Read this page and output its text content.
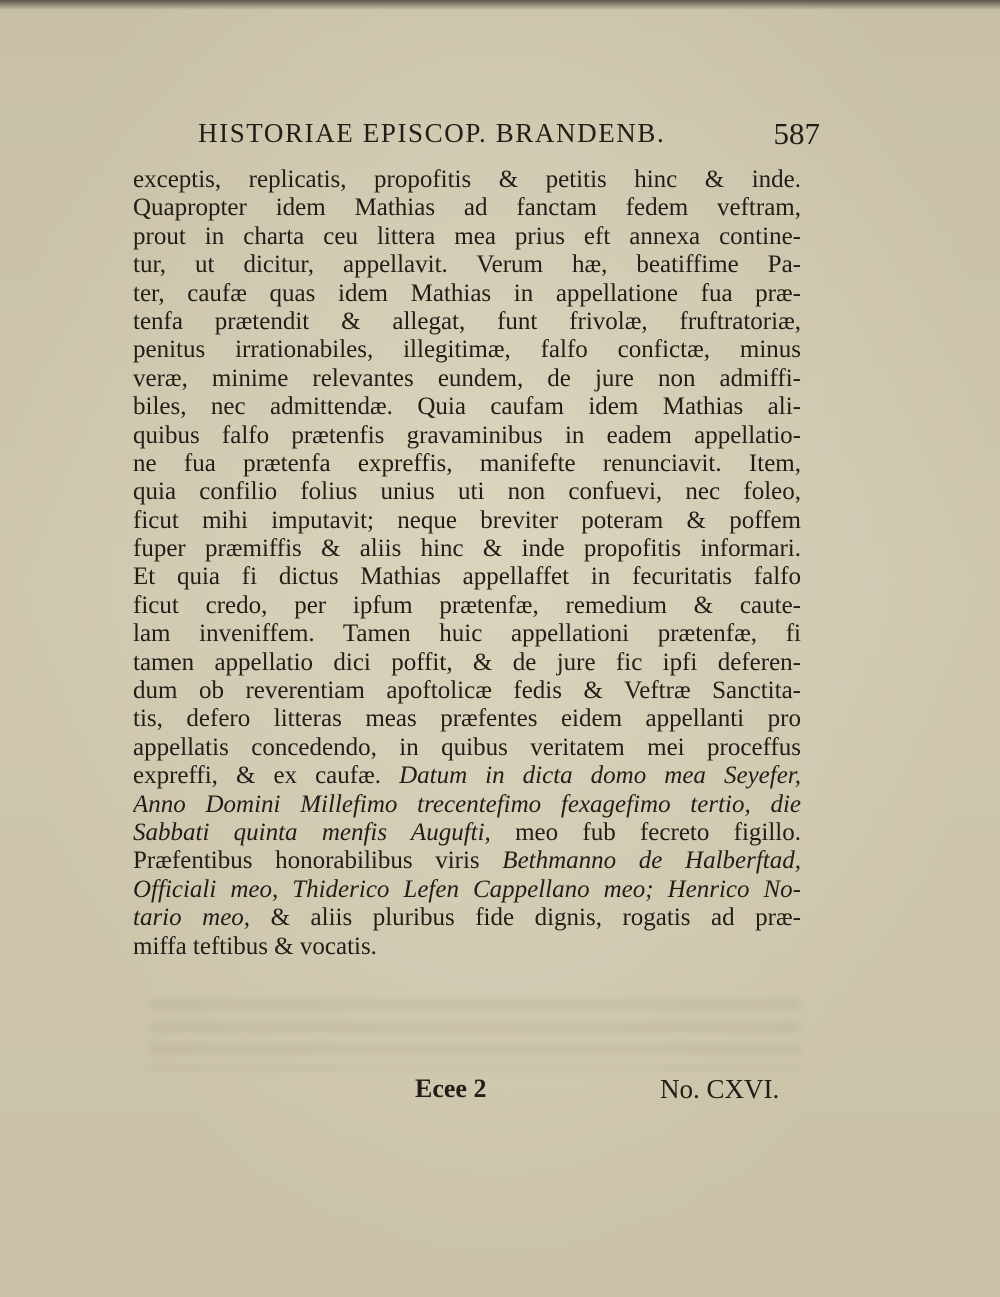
HISTORIAE EPISCOP. BRANDENB.	587
exceptis, replicatis, propofitis & petitis hinc & inde.
Quapropter idem Mathias ad fanctam fedem veftram,
prout in charta ceu littera mea prius eft annexa contine-
tur, ut dicitur, appellavit. Verum hæ, beatiffime Pa-
ter, caufæ quas idem Mathias in appellatione fua præ-
tenfa prætendit & allegat, funt frivolæ, fruftratoriæ,
penitus irrationabiles, illegitimæ, falfo confictæ, minus
veræ, minime relevantes eundem, de jure non admiffi-
biles, nec admittendæ. Quia caufam idem Mathias ali-
quibus falfo prætenfis gravaminibus in eadem appellatio-
ne fua prætenfa expreffis, manifefte renunciavit. Item,
quia confilio folius unius uti non confuevi, nec foleo,
ficut mihi imputavit; neque breviter poteram & poffem
fuper præmiffis & aliis hinc & inde propofitis informari.
Et quia fi dictus Mathias appellaffet in fecuritatis falfo
ficut credo, per ipfum prætenfæ, remedium & caute-
lam inveniffem. Tamen huic appellationi prætenfæ, fi
tamen appellatio dici poffit, & de jure fic ipfi deferen-
dum ob reverentiam apoftolicæ fedis & Veftræ Sanctita-
tis, defero litteras meas præfentes eidem appellanti pro
appellatis concedendo, in quibus veritatem mei proceffus
expreffi, & ex caufæ. Datum in dicta domo mea Seyefer,
Anno Domini Millefimo trecentefimo fexagefimo tertio, die
Sabbati quinta menfis Augufti, meo fub fecreto figillo.
Præfentibus honorabilibus viris Bethmanno de Halberftad,
Officiali meo, Thiderico Lefen Cappellano meo; Henrico No-
tario meo, & aliis pluribus fide dignis, rogatis ad præ-
miffa teftibus & vocatis.
Ecee 2	No. CXVI.
